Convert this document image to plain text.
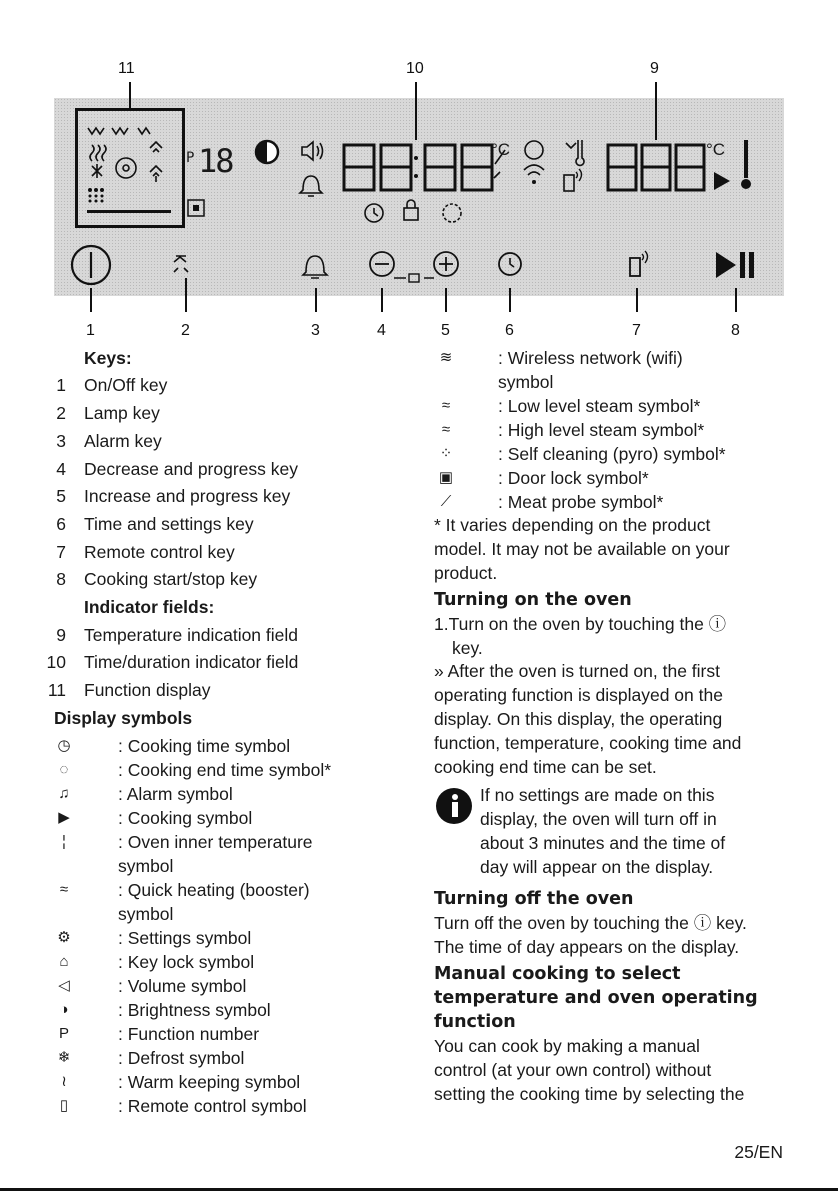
11	10	9
P 18	°C	°C
1	2	3	4	5	6	7	8
Keys:
1 On/Off key
2 Lamp key
3 Alarm key
4 Decrease and progress key
5 Increase and progress key
6 Time and settings key
7 Remote control key
8 Cooking start/stop key
Indicator fields:
9 Temperature indication field
10 Time/duration indicator field
11 Function display
Display symbols
◷	: Cooking time symbol
◌	: Cooking end time symbol*
♫	: Alarm symbol
▶	: Cooking symbol
¦	: Oven inner temperature
symbol
≈	: Quick heating (booster)
symbol
⚙	: Settings symbol
⌂	: Key lock symbol
◁	: Volume symbol
◑	: Brightness symbol
P	: Function number
❄	: Defrost symbol
≀	: Warm keeping symbol
▯	: Remote control symbol
≋	: Wireless network (wifi)
symbol
≈	: Low level steam symbol*
≈	: High level steam symbol*
⁘	: Self cleaning (pyro) symbol*
▣	: Door lock symbol*
⟋	: Meat probe symbol*
* It varies depending on the product
model. It may not be available on your
product.
Turning on the oven
1.Turn on the oven by touching the ⓘ
key.
» After the oven is turned on, the first
operating function is displayed on the
display. On this display, the operating
function, temperature, cooking time and
cooking end time can be set.
If no settings are made on this
display, the oven will turn off in
about 3 minutes and the time of
day will appear on the display.
Turning off the oven
Turn off the oven by touching the ⓘ key.
The time of day appears on the display.
Manual cooking to select
temperature and oven operating
function
You can cook by making a manual
control (at your own control) without
setting the cooking time by selecting the
25/EN
